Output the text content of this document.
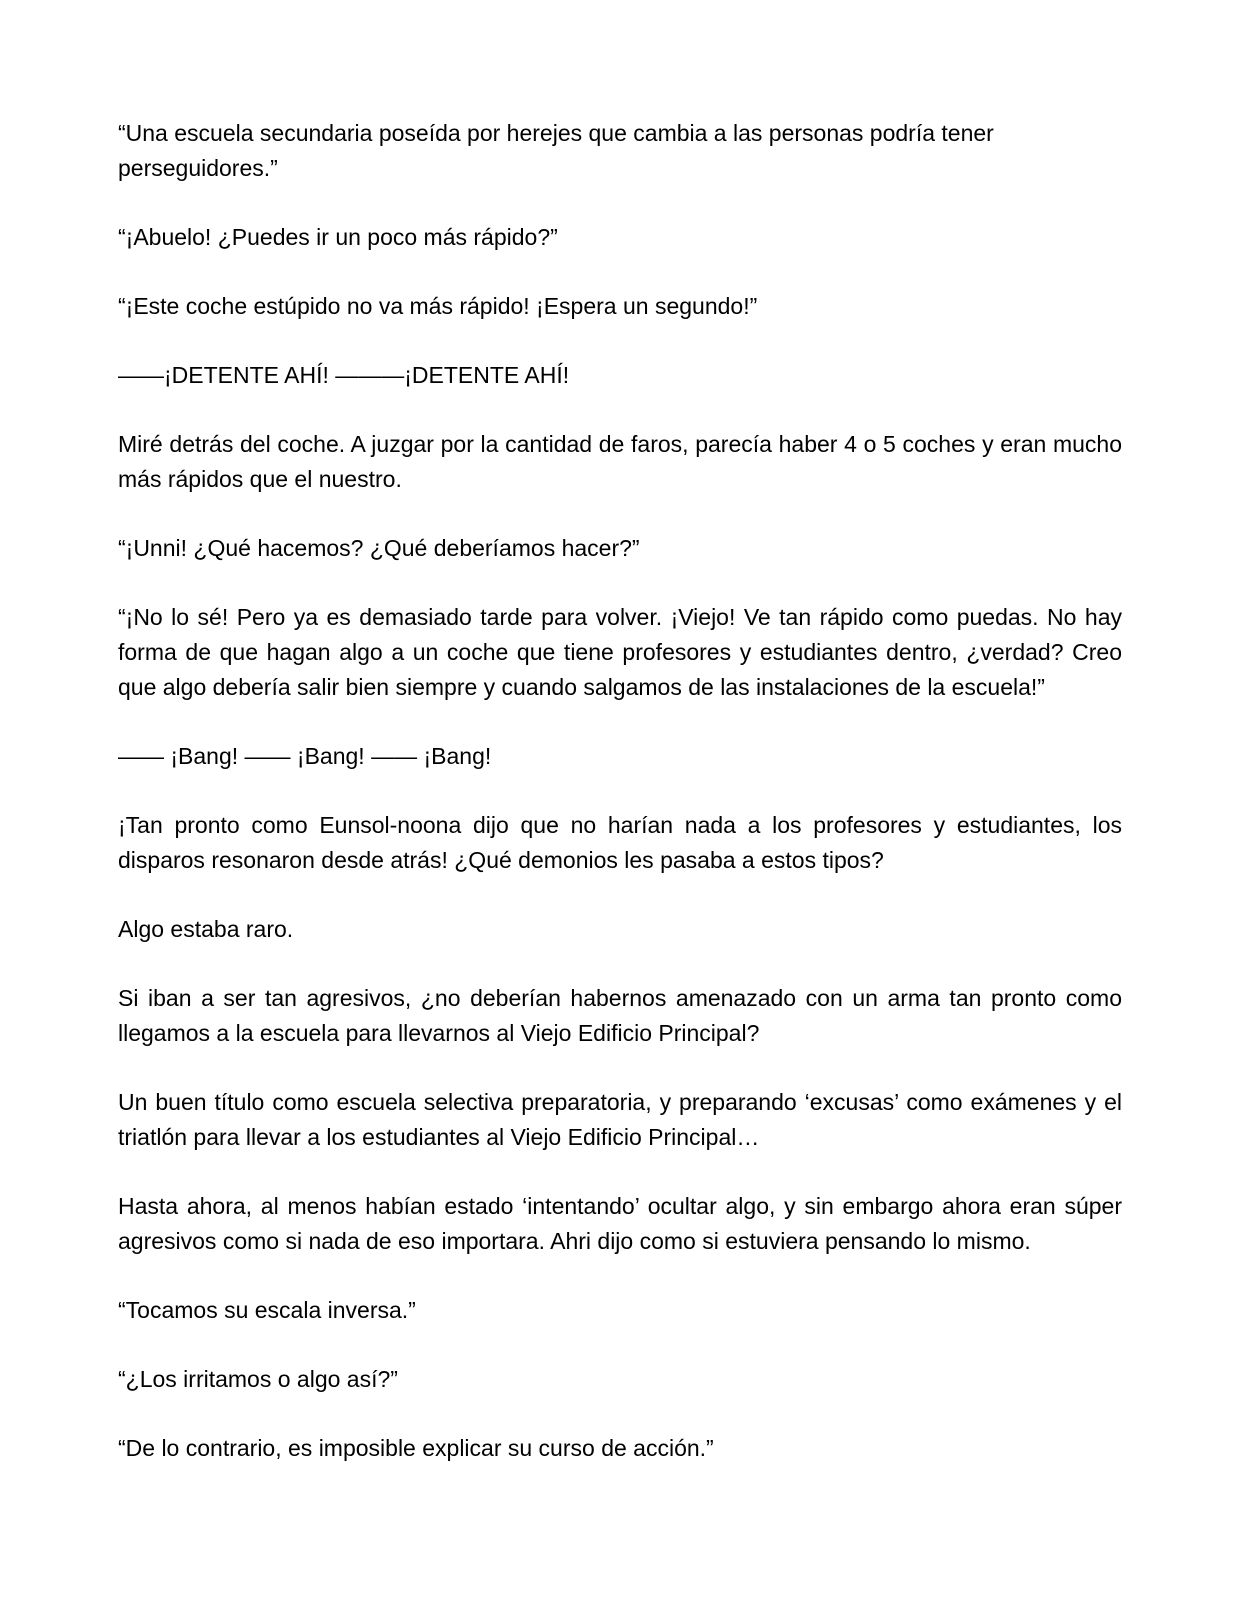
“Una escuela secundaria poseída por herejes que cambia a las personas podría tener perseguidores.”

“¡Abuelo! ¿Puedes ir un poco más rápido?”

“¡Este coche estúpido no va más rápido! ¡Espera un segundo!”

——¡DETENTE AHÍ! ———¡DETENTE AHÍ!

Miré detrás del coche. A juzgar por la cantidad de faros, parecía haber 4 o 5 coches y eran mucho más rápidos que el nuestro.

“¡Unni! ¿Qué hacemos? ¿Qué deberíamos hacer?”

“¡No lo sé! Pero ya es demasiado tarde para volver. ¡Viejo! Ve tan rápido como puedas. No hay forma de que hagan algo a un coche que tiene profesores y estudiantes dentro, ¿verdad? Creo que algo debería salir bien siempre y cuando salgamos de las instalaciones de la escuela!”

—— ¡Bang! —— ¡Bang! —— ¡Bang!

¡Tan pronto como Eunsol-noona dijo que no harían nada a los profesores y estudiantes, los disparos resonaron desde atrás! ¿Qué demonios les pasaba a estos tipos?

Algo estaba raro.

Si iban a ser tan agresivos, ¿no deberían habernos amenazado con un arma tan pronto como llegamos a la escuela para llevarnos al Viejo Edificio Principal?

Un buen título como escuela selectiva preparatoria, y preparando ‘excusas’ como exámenes y el triatlón para llevar a los estudiantes al Viejo Edificio Principal…

Hasta ahora, al menos habían estado ‘intentando’ ocultar algo, y sin embargo ahora eran súper agresivos como si nada de eso importara. Ahri dijo como si estuviera pensando lo mismo.

“Tocamos su escala inversa.”

“¿Los irritamos o algo así?”

“De lo contrario, es imposible explicar su curso de acción.”
